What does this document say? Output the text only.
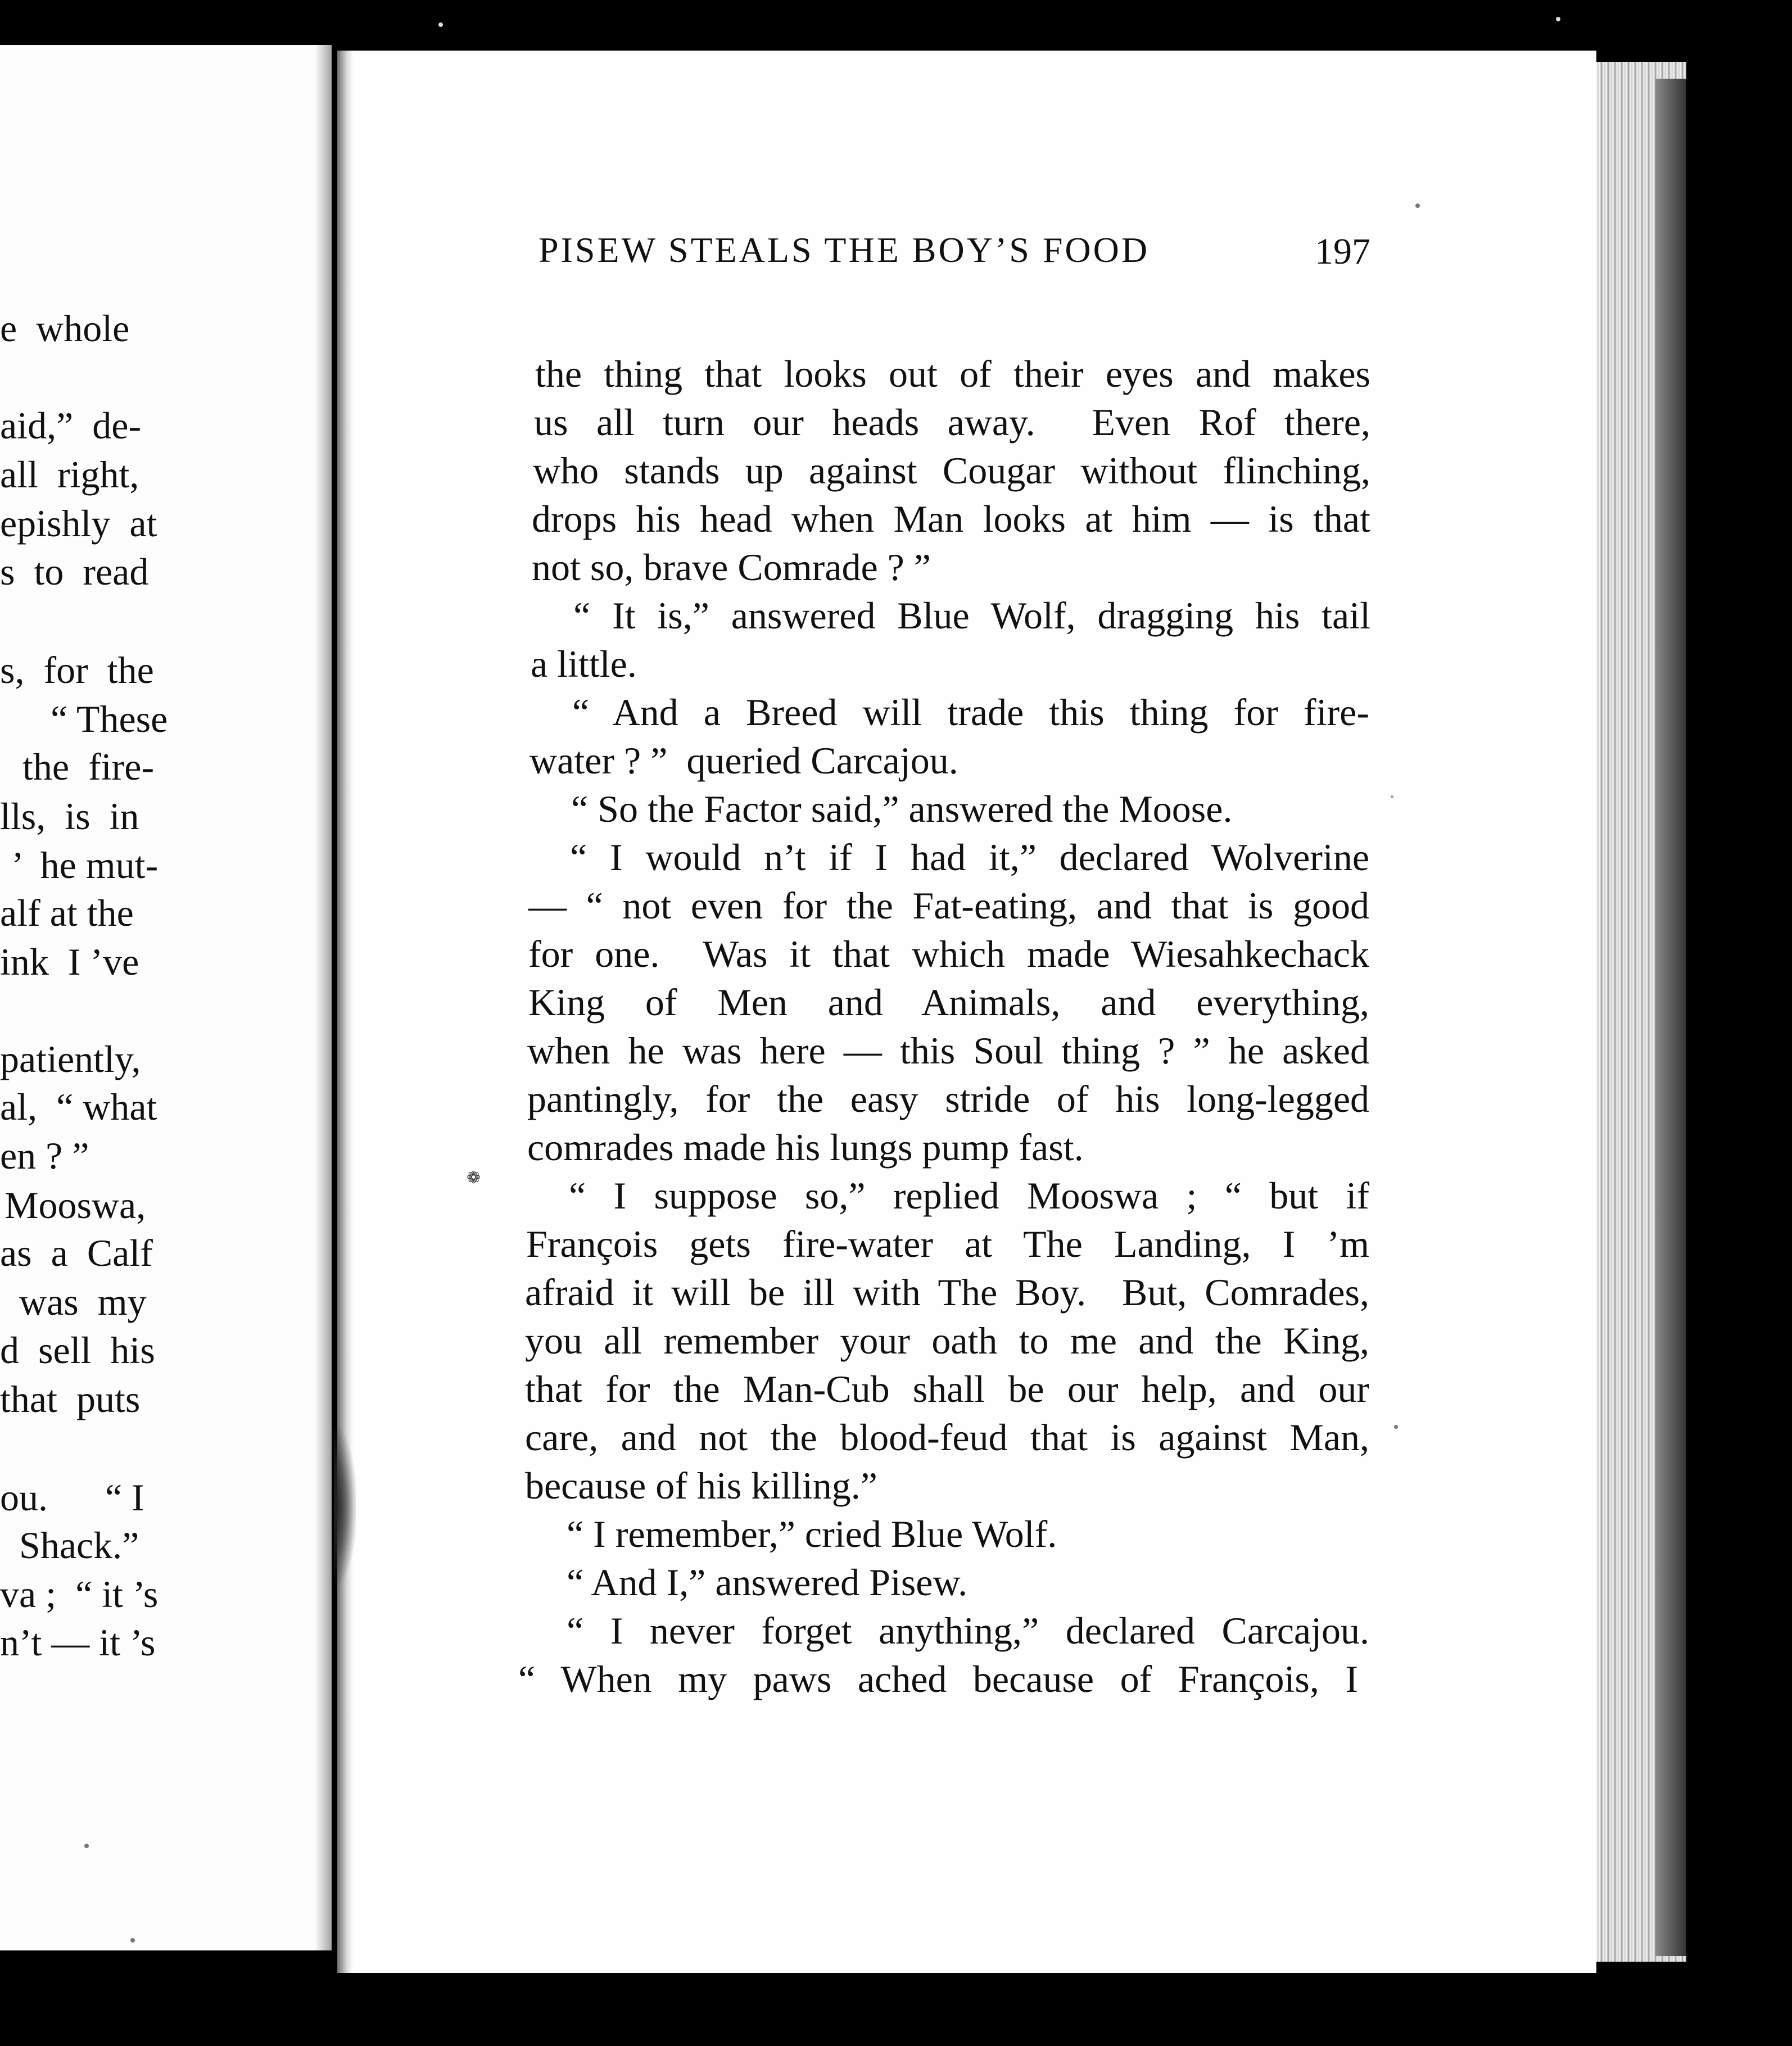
e  whole
aid,”  de-
all  right,
epishly  at
s  to  read
s,  for  the
“ These
the  fire-
lls,  is  in
’  he mut-
alf at the
ink  I ’ve
patiently,
al,  “ what
en ? ”
Mooswa,
as  a  Calf
was  my
d  sell  his
that  puts
ou.      “ I
Shack.”
va ;  “ it ’s
n’t — it ’s
PISEW STEALS THE BOY’S FOOD	197
the thing that looks out of their eyes and makes
us all turn our heads away.  Even Rof there,
who stands up against Cougar without flinching,
drops his head when Man looks at him — is that
not so, brave Comrade ? ”
“ It is,” answered Blue Wolf, dragging his tail
a little.
“ And a Breed will trade this thing for fire-
water ? ”  queried Carcajou.
“ So the Factor said,” answered the Moose.
“ I would n’t if I had it,” declared Wolverine
— “ not even for the Fat-eating, and that is good
for one.  Was it that which made Wiesahkechack
King of Men and Animals, and everything,
when he was here — this Soul thing ? ” he asked
pantingly, for the easy stride of his long-legged
comrades made his lungs pump fast.
“ I suppose so,” replied Mooswa ; “ but if
François gets fire-water at The Landing, I ’m
afraid it will be ill with The Boy.  But, Comrades,
you all remember your oath to me and the King,
that for the Man-Cub shall be our help, and our
care, and not the blood-feud that is against Man,
because of his killing.”
“ I remember,” cried Blue Wolf.
“ And I,” answered Pisew.
“ I never forget anything,” declared Carcajou.
“ When my paws ached because of François, I
❁
